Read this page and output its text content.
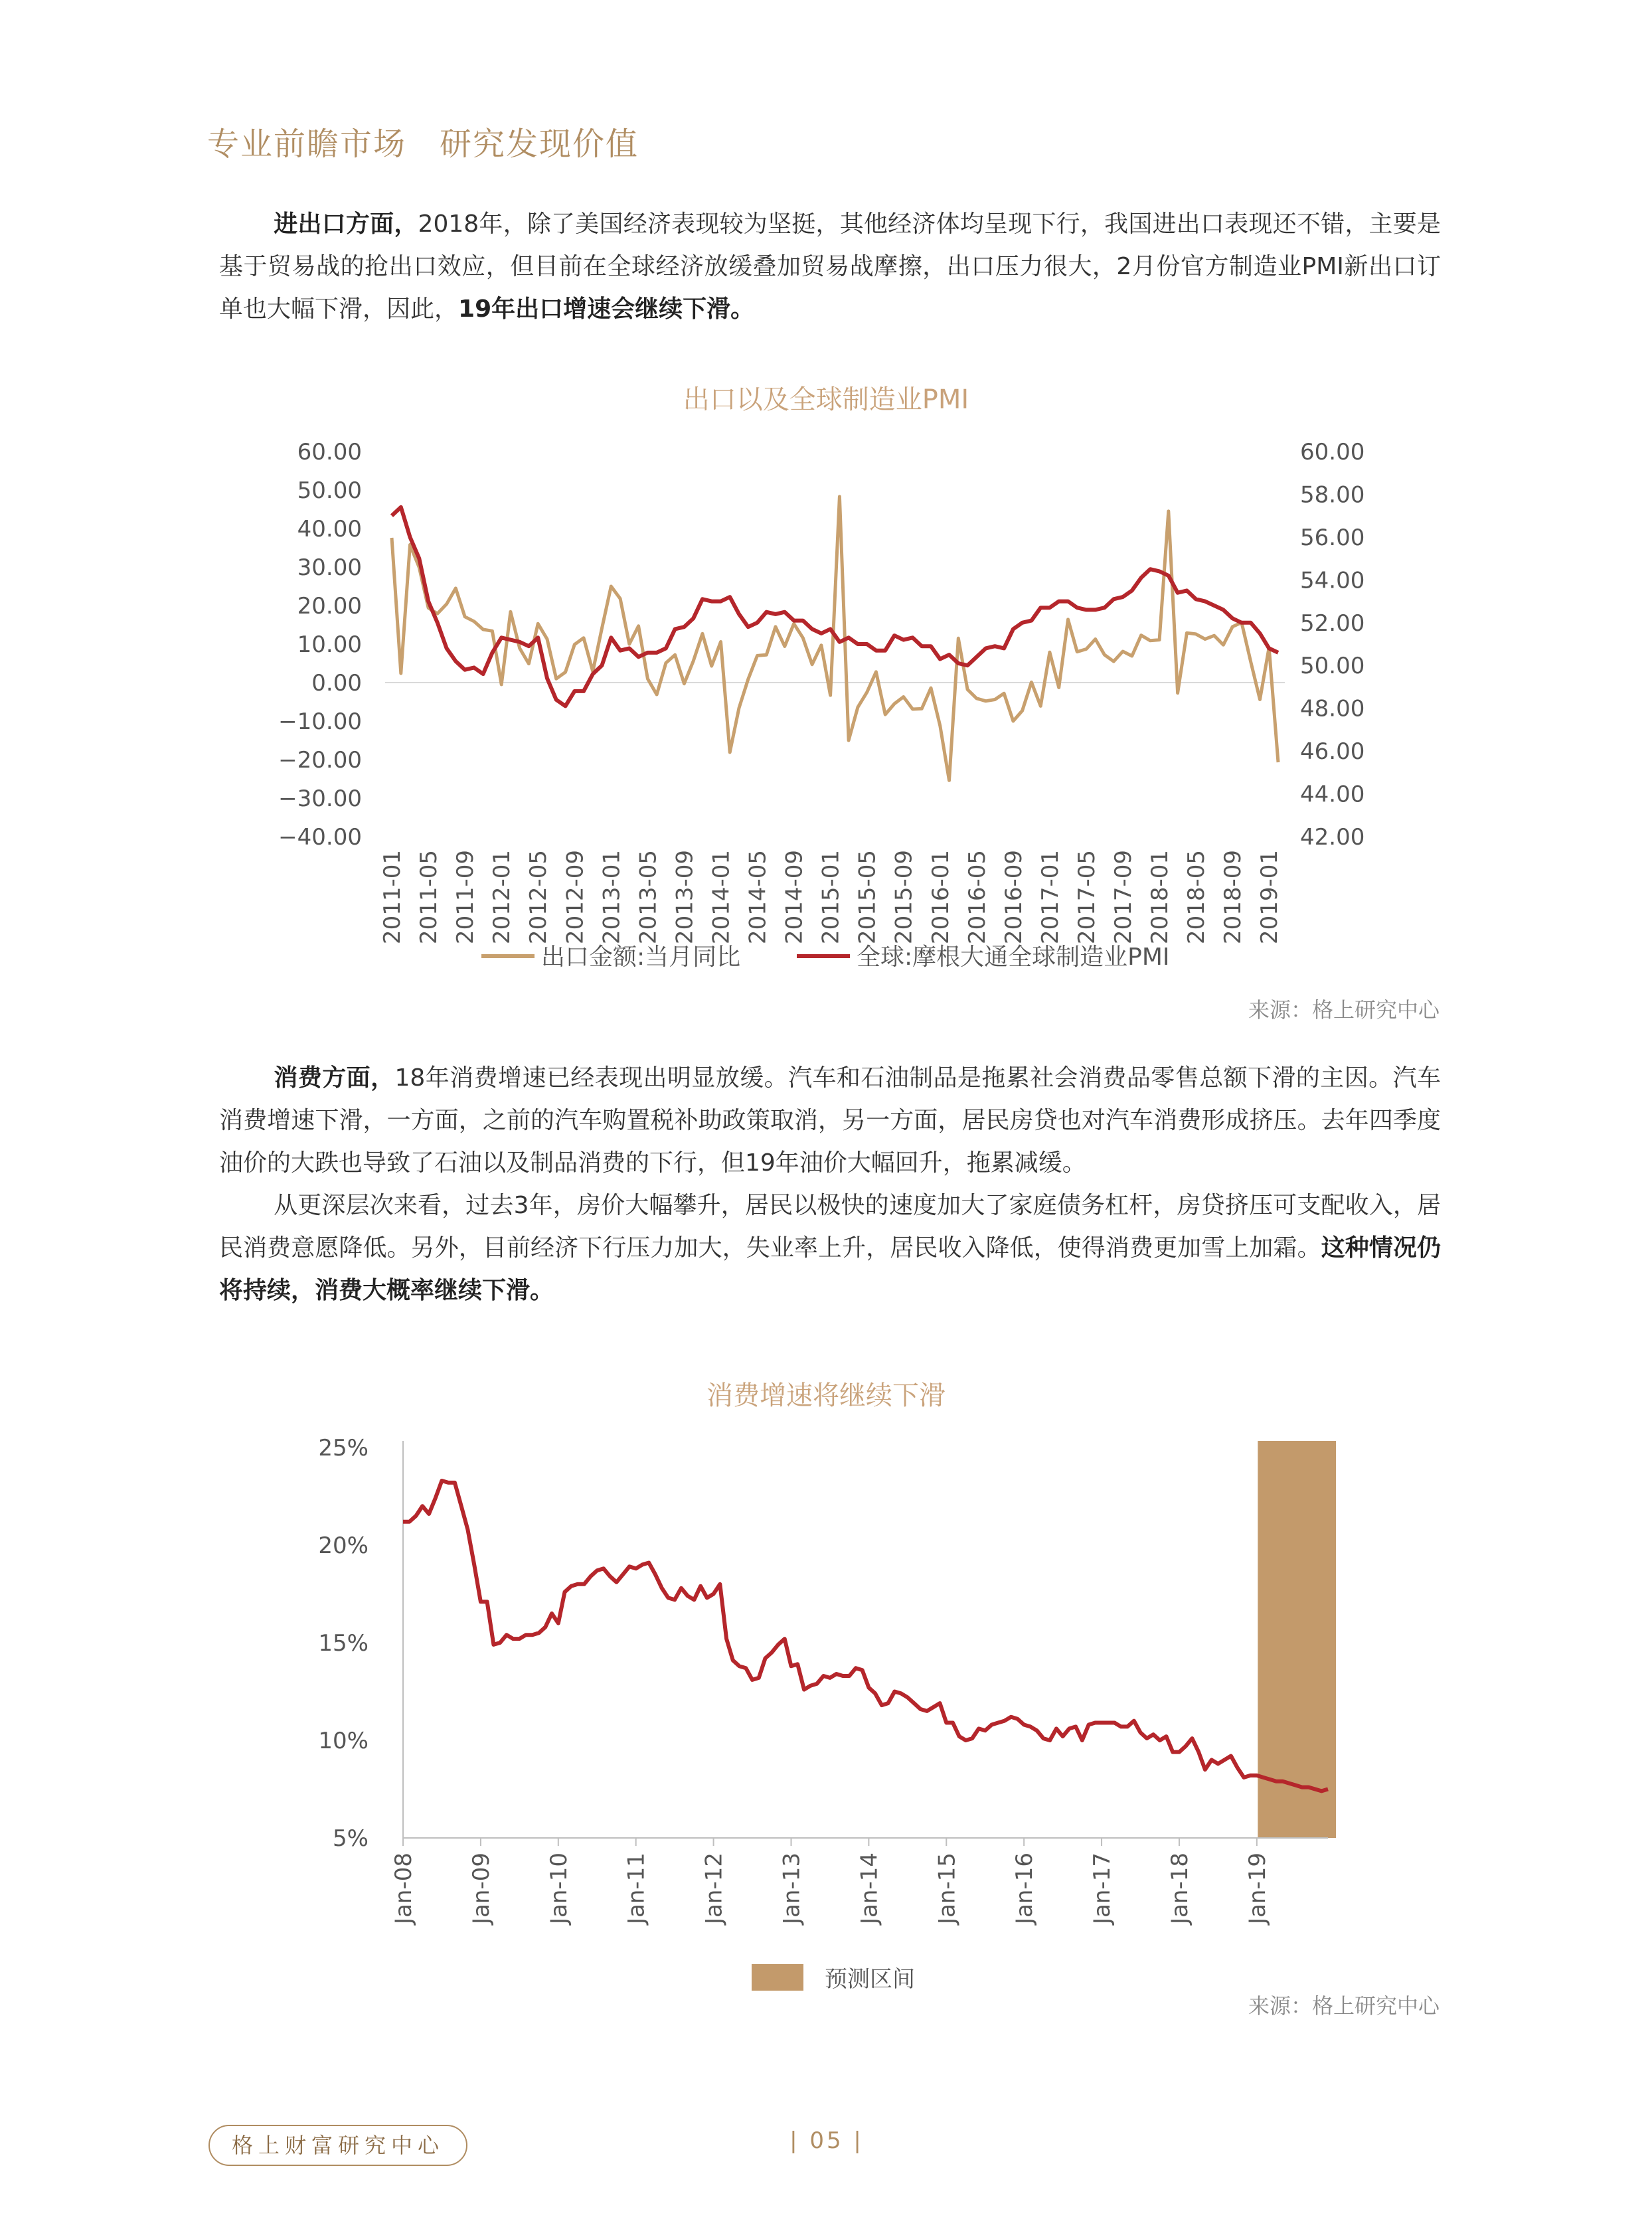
专业前瞻市场　研究发现价值
进出口方面，2018年，除了美国经济表现较为坚挺，其他经济体均呈现下行，我国进出口表现还不错，主要是基于贸易战的抢出口效应，但目前在全球经济放缓叠加贸易战摩擦，出口压力很大，2月份官方制造业PMI新出口订单也大幅下滑，因此，19年出口增速会继续下滑。
出口以及全球制造业PMI
60.00
50.00
40.00
30.00
20.00
10.00
0.00
−10.00
−20.00
−30.00
−40.00
60.00
58.00
56.00
54.00
52.00
50.00
48.00
46.00
44.00
42.00
2011-01 2011-05 2011-09 2012-01 2012-05 2012-09 2013-01 2013-05 2013-09 2014-01 2014-05 2014-09 2015-01 2015-05 2015-09 2016-01 2016-05 2016-09 2017-01 2017-05 2017-09 2018-01 2018-05 2018-09 2019-01
出口金额:当月同比	全球:摩根大通全球制造业PMI
来源：格上研究中心
消费方面，18年消费增速已经表现出明显放缓。汽车和石油制品是拖累社会消费品零售总额下滑的主因。汽车消费增速下滑，一方面，之前的汽车购置税补助政策取消，另一方面，居民房贷也对汽车消费形成挤压。去年四季度油价的大跌也导致了石油以及制品消费的下行，但19年油价大幅回升，拖累减缓。
从更深层次来看，过去3年，房价大幅攀升，居民以极快的速度加大了家庭债务杠杆，房贷挤压可支配收入，居民消费意愿降低。另外，目前经济下行压力加大，失业率上升，居民收入降低，使得消费更加雪上加霜。这种情况仍将持续，消费大概率继续下滑。
消费增速将继续下滑
25%
20%
15%
10%
5%
Jan-08 Jan-09 Jan-10 Jan-11 Jan-12 Jan-13 Jan-14 Jan-15 Jan-16 Jan-17 Jan-18 Jan-19
预测区间
来源：格上研究中心
格上财富研究中心	| 05 |
